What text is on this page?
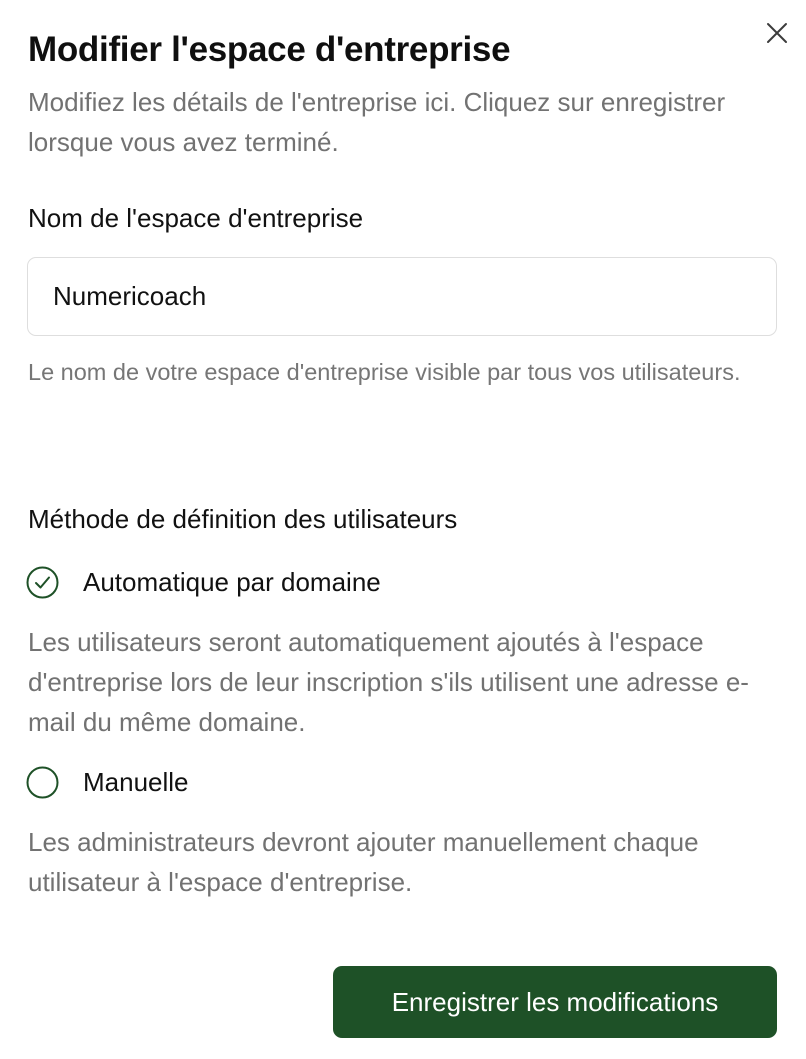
Modifier l'espace d'entreprise

Modifiez les détails de l'entreprise ici. Cliquez sur enregistrer lorsque vous avez terminé.

Nom de l'espace d'entreprise
Numericoach

Le nom de votre espace d'entreprise visible par tous vos utilisateurs.

Méthode de définition des utilisateurs
Automatique par domaine

Les utilisateurs seront automatiquement ajoutés à l'espace d'entreprise lors de leur inscription s'ils utilisent une adresse e-mail du même domaine.

Manuelle

Les administrateurs devront ajouter manuellement chaque utilisateur à l'espace d'entreprise.

Enregistrer les modifications
